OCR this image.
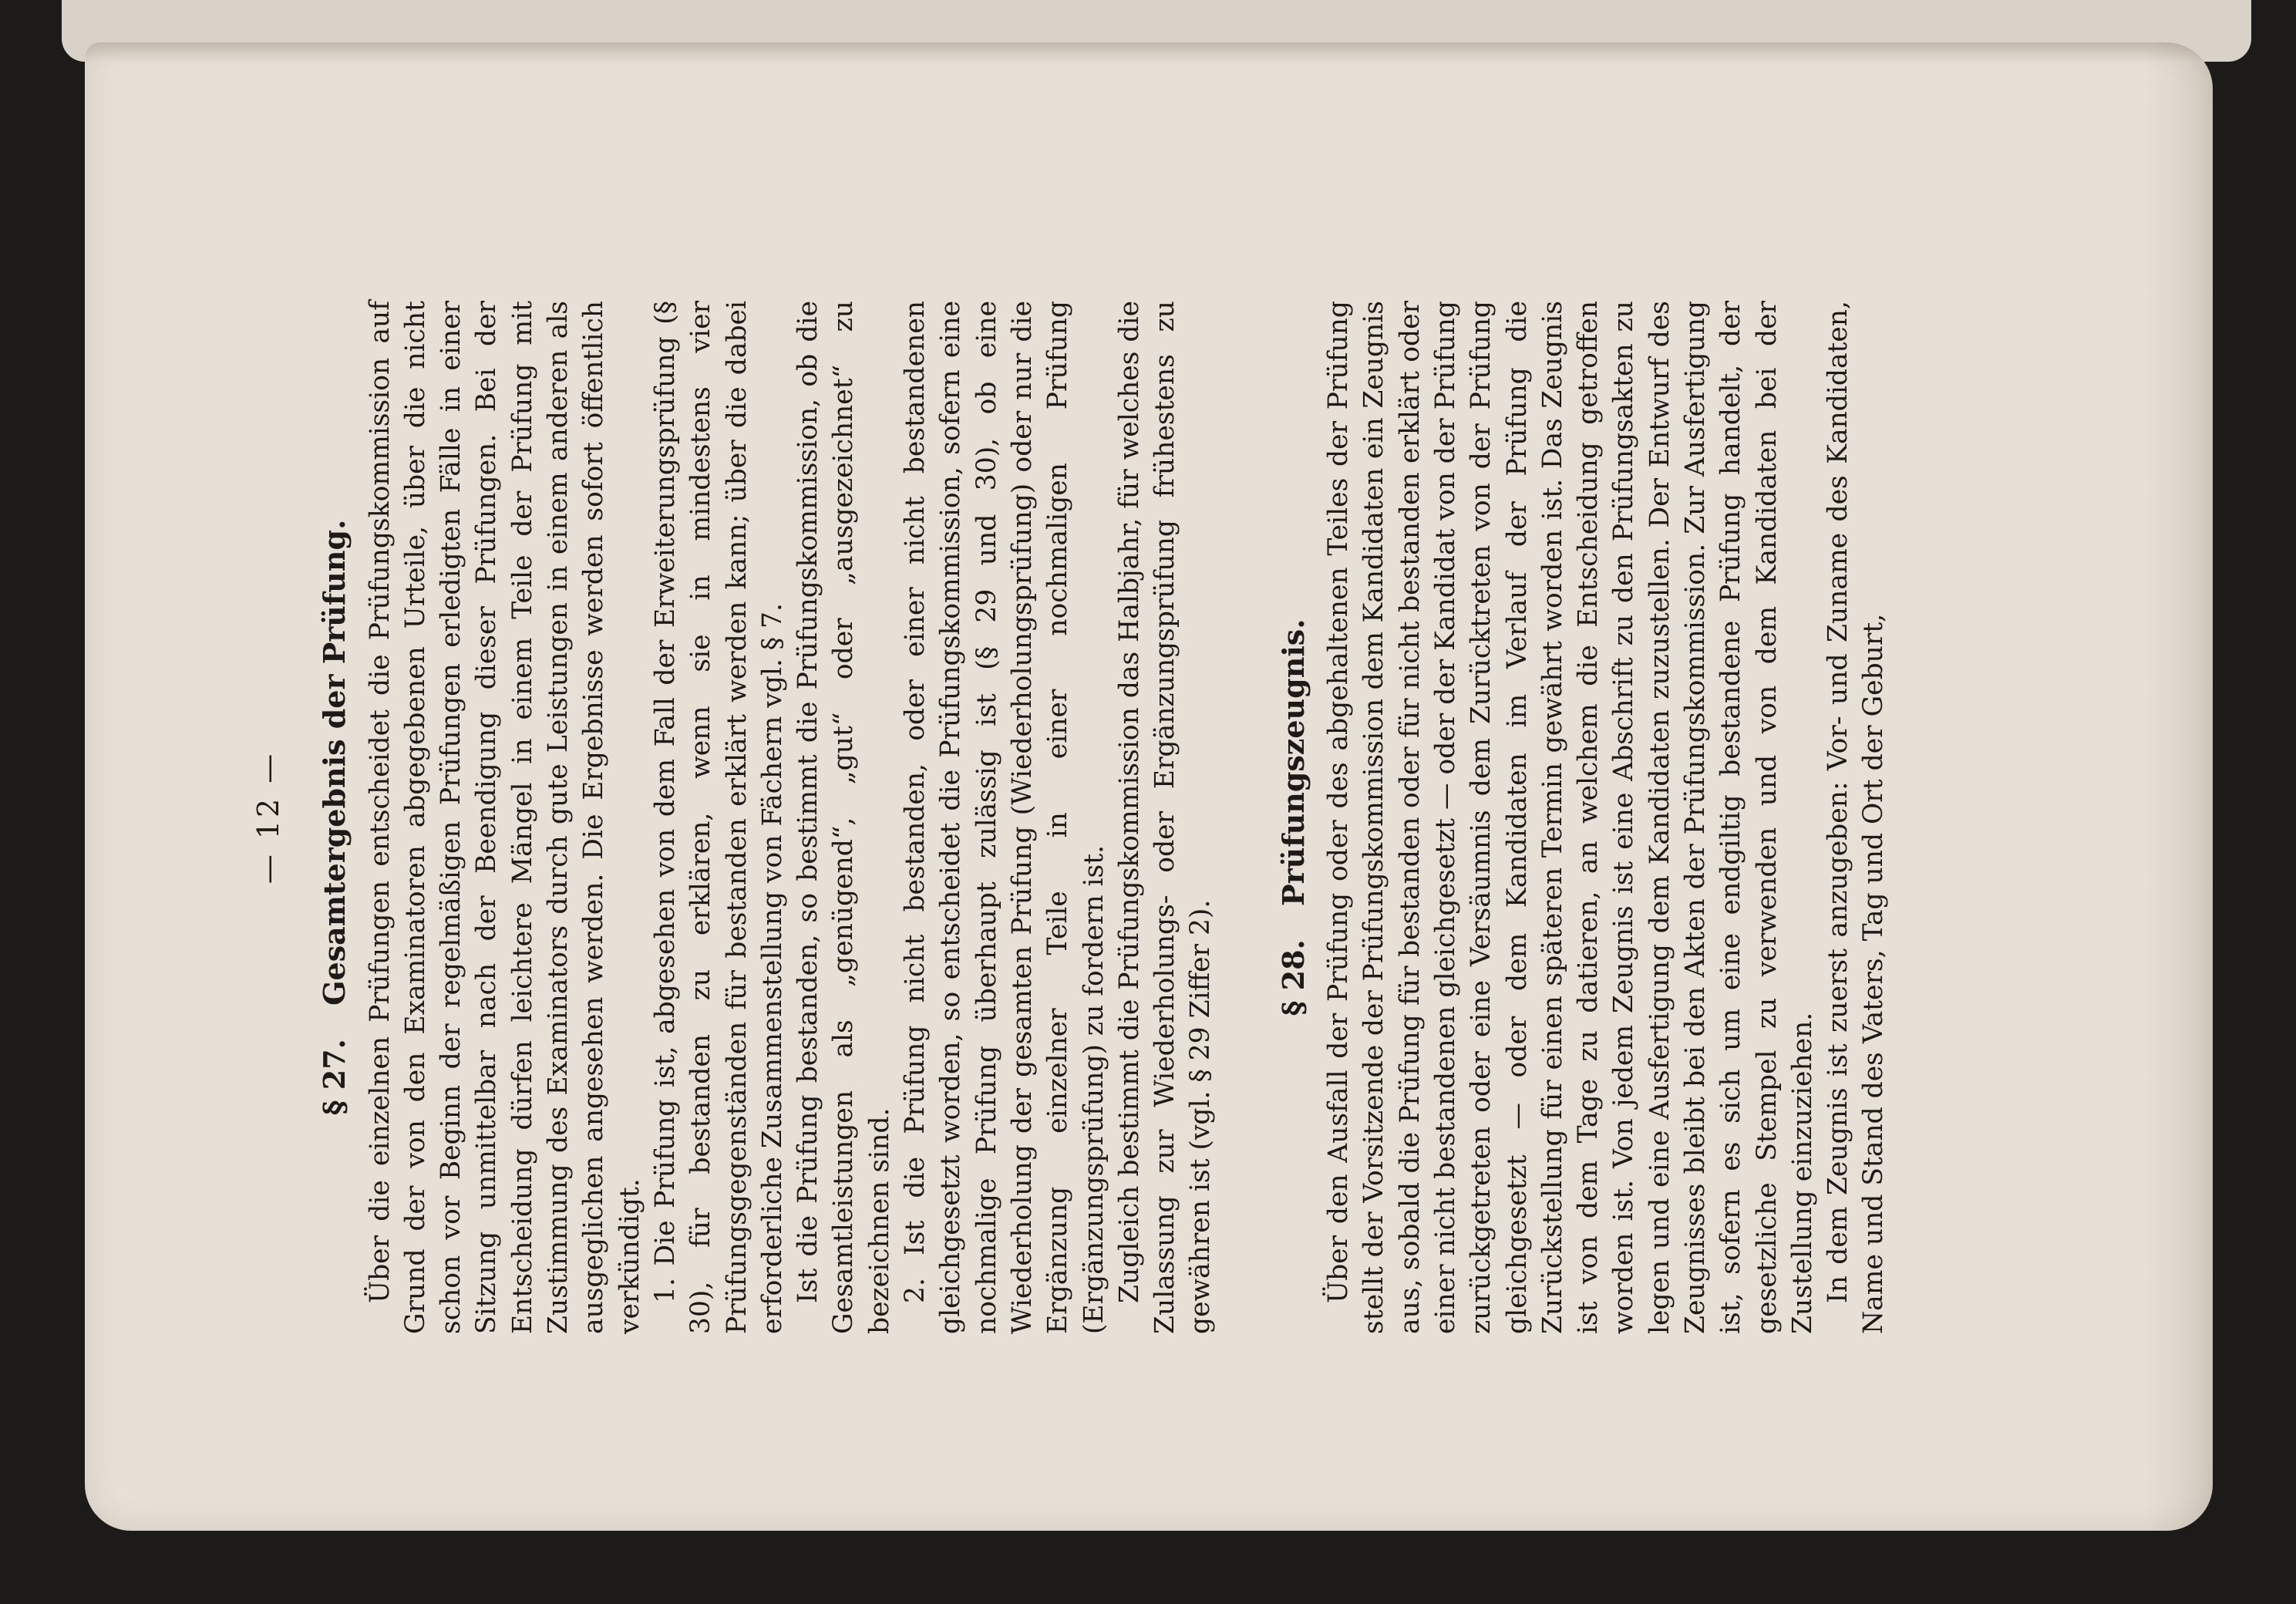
— 12 —
§ 27. Gesamtergebnis der Prüfung. Über die einzelnen Prüfungen entscheidet die Prüfungskommission auf Grund der von den Examinatoren abgegebenen Urteile, über die nicht schon vor Beginn der regelmäßigen Prüfungen erledigten Fälle in einer Sitzung unmittelbar nach der Beendigung dieser Prüfungen. Bei der Entscheidung dürfen leichtere Mängel in einem Teile der Prüfung mit Zustimmung des Examinators durch gute Leistungen in einem anderen als ausgeglichen angesehen werden. Die Ergebnisse werden sofort öffentlich verkündigt. 1. Die Prüfung ist, abgesehen von dem Fall der Erweiterungsprüfung (§ 30), für bestanden zu erklären, wenn sie in mindestens vier Prüfungsgegenständen für bestanden erklärt werden kann; über die dabei erforderliche Zusammenstellung von Fächern vgl. § 7. Ist die Prüfung bestanden, so bestimmt die Prüfungskommission, ob die Gesamtleistungen als „genügend“, „gut“ oder „ausgezeichnet“ zu bezeichnen sind. 2. Ist die Prüfung nicht bestanden, oder einer nicht bestandenen gleichgesetzt worden, so entscheidet die Prüfungskommission, sofern eine nochmalige Prüfung überhaupt zulässig ist (§ 29 und 30), ob eine Wiederholung der gesamten Prüfung (Wiederholungsprüfung) oder nur die Ergänzung einzelner Teile in einer nochmaligen Prüfung (Ergänzungsprüfung) zu fordern ist. Zugleich bestimmt die Prüfungskommission das Halbjahr, für welches die Zulassung zur Wiederholungs- oder Ergänzungsprüfung frühestens zu gewähren ist (vgl. § 29 Ziffer 2). § 28. Prüfungszeugnis. Über den Ausfall der Prüfung oder des abgehaltenen Teiles der Prüfung stellt der Vorsitzende der Prüfungskommission dem Kandidaten ein Zeugnis aus, sobald die Prüfung für bestanden oder für nicht bestanden erklärt oder einer nicht bestandenen gleichgesetzt — oder der Kandidat von der Prüfung zurückgetreten oder eine Versäumnis dem Zurücktreten von der Prüfung gleichgesetzt — oder dem Kandidaten im Verlauf der Prüfung die Zurückstellung für einen späteren Termin gewährt worden ist. Das Zeugnis ist von dem Tage zu datieren, an welchem die Entscheidung getroffen worden ist. Von jedem Zeugnis ist eine Abschrift zu den Prüfungsakten zu legen und eine Ausfertigung dem Kandidaten zuzustellen. Der Entwurf des Zeugnisses bleibt bei den Akten der Prüfungskommission. Zur Ausfertigung ist, sofern es sich um eine endgiltig bestandene Prüfung handelt, der gesetzliche Stempel zu verwenden und von dem Kandidaten bei der Zustellung einzuziehen. In dem Zeugnis ist zuerst anzugeben: Vor- und Zuname des Kandidaten, Name und Stand des Vaters, Tag und Ort der Geburt,
